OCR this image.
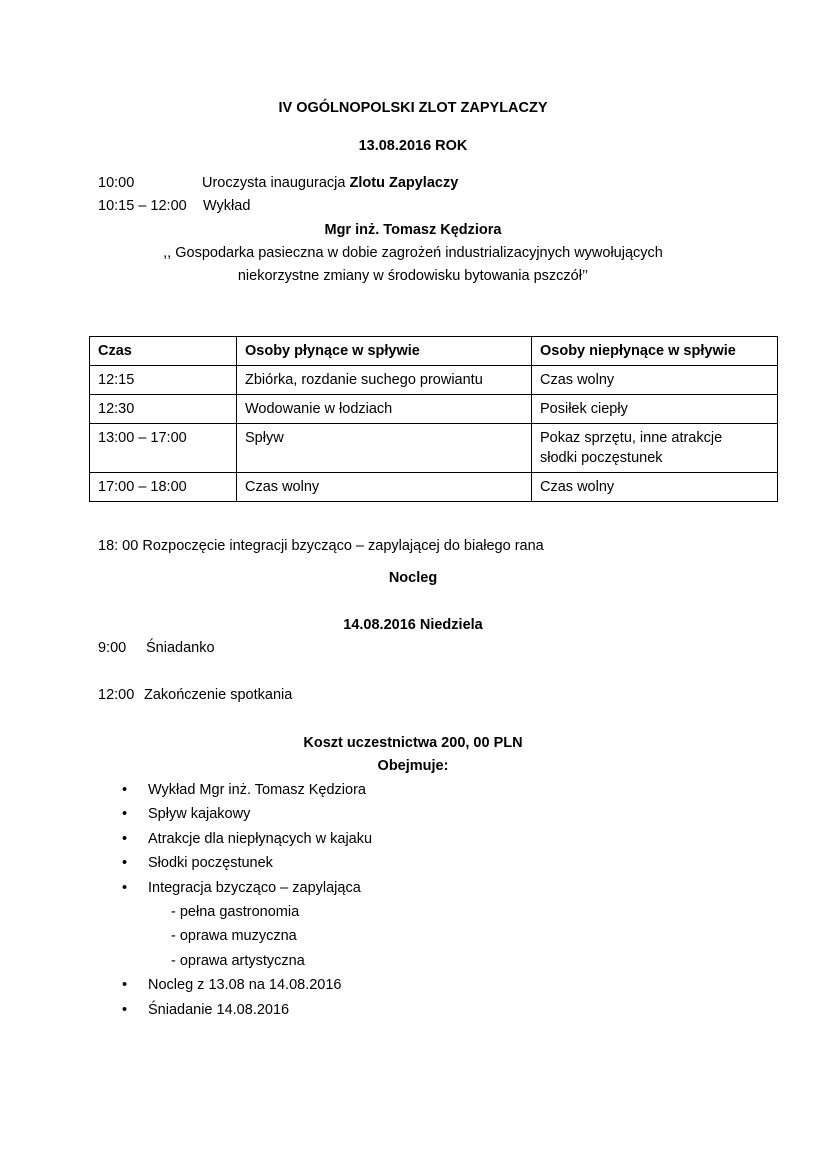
IV OGÓLNOPOLSKI ZLOT ZAPYLACZY
13.08.2016 ROK
10:00	Uroczysta inauguracja Zlotu Zapylaczy
10:15 – 12:00 Wykład
Mgr inż. Tomasz Kędziora
,, Gospodarka pasieczna w dobie zagrożeń industrializacyjnych wywołujących
niekorzystne zmiany w środowisku bytowania pszczół’’
Czas	Osoby płynące w spływie	Osoby niepłynące w spływie
12:15	Zbiórka, rozdanie suchego prowiantu	Czas wolny
12:30	Wodowanie w łodziach	Posiłek ciepły
13:00 – 17:00	Spływ	Pokaz sprzętu, inne atrakcje
słodki poczęstunek

17:00 – 18:00	Czas wolny	Czas wolny
18: 00 Rozpoczęcie integracji bzycząco – zapylającej do białego rana
Nocleg
14.08.2016 Niedziela
9:00 Śniadanko
12:00 Zakończenie spotkania
Koszt uczestnictwa 200, 00 PLN
Obejmuje:
• Wykład Mgr inż. Tomasz Kędziora
• Spływ kajakowy
• Atrakcje dla niepłynących w kajaku
• Słodki poczęstunek
• Integracja bzycząco – zapylająca
- pełna gastronomia
- oprawa muzyczna
- oprawa artystyczna
• Nocleg z 13.08 na 14.08.2016
• Śniadanie 14.08.2016
